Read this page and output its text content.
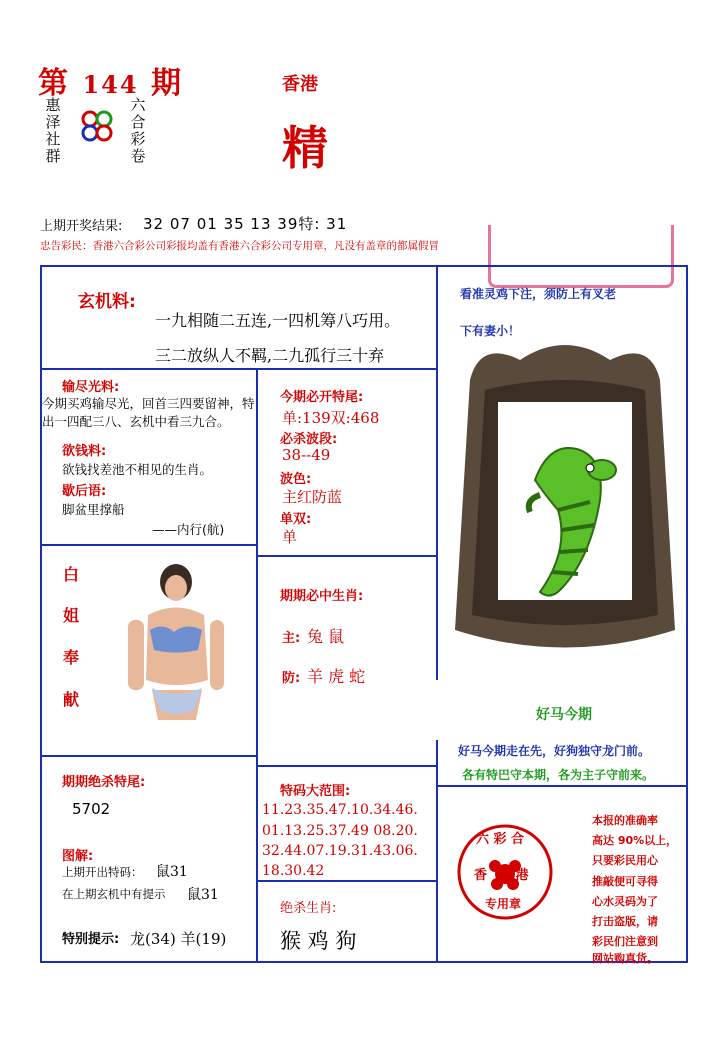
第 144 期
惠泽社群
六合彩卷
香港
精
上期开奖结果: 32 07 01 35 13 39特: 31
忠告彩民：香港六合彩公司彩报均盖有香港六合彩公司专用章，凡没有盖章的都属假冒
玄机料:
一九相随二五连,一四机筹八巧用。
三二放纵人不羁,二九孤行三十弃
输尽光料:
今期买鸡输尽光，回首三四要留神，特出一四配三八、玄机中看三九合。
欲钱料:
欲钱找差池不相见的生肖。
歇后语:
脚盆里撑船
——内行(航)
今期必开特尾:
单:139双:468
必杀波段:
38--49
波色:
主红防蓝
单双:
单
白
姐
奉
献
期期必中生肖:
主: 兔 鼠
防: 羊 虎 蛇
看准灵鸡下注，须防上有叉老
下有妻小！
好马今期
好马今期走在先，好狗独守龙门前。
各有特巴守本期，各为主子守前来。
期期绝杀特尾:
5702
图解:
上期开出特码： 鼠31
在上期玄机中有提示 鼠31
特别提示: 龙(34) 羊(19)
特码大范围:
11.23.35.47.10.34.46.
01.13.25.37.49 08.20.
32.44.07.19.31.43.06.
18.30.42
绝杀生肖:
猴 鸡 狗
六 彩 合
香 港
专用章
本报的准确率
高达 90%以上，
只要彩民用心
推敲便可寻得
心水灵码为了
打击盗版，请
彩民们注意到
网站购真货。
